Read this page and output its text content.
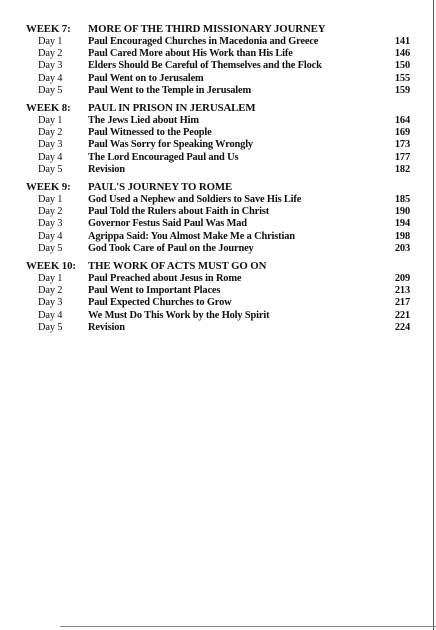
WEEK 7:	MORE OF THE THIRD MISSIONARY JOURNEY
Day 1	Paul Encouraged Churches in Macedonia and Greece	141
Day 2	Paul Cared More about His Work than His Life	146
Day 3	Elders Should Be Careful of Themselves and the Flock	150
Day 4	Paul Went on to Jerusalem	155
Day 5	Paul Went to the Temple in Jerusalem	159
WEEK 8:	PAUL IN PRISON IN JERUSALEM
Day 1	The Jews Lied about Him	164
Day 2	Paul Witnessed to the People	169
Day 3	Paul Was Sorry for Speaking Wrongly	173
Day 4	The Lord Encouraged Paul and Us	177
Day 5	Revision	182
WEEK 9:	PAUL'S JOURNEY TO ROME
Day 1	God Used a Nephew and Soldiers to Save His Life	185
Day 2	Paul Told the Rulers about Faith in Christ	190
Day 3	Governor Festus Said Paul Was Mad	194
Day 4	Agrippa Said: You Almost Make Me a Christian	198
Day 5	God Took Care of Paul on the Journey	203
WEEK 10:	THE WORK OF ACTS MUST GO ON
Day 1	Paul Preached about Jesus in Rome	209
Day 2	Paul Went to Important Places	213
Day 3	Paul Expected Churches to Grow	217
Day 4	We Must Do This Work by the Holy Spirit	221
Day 5	Revision	224
